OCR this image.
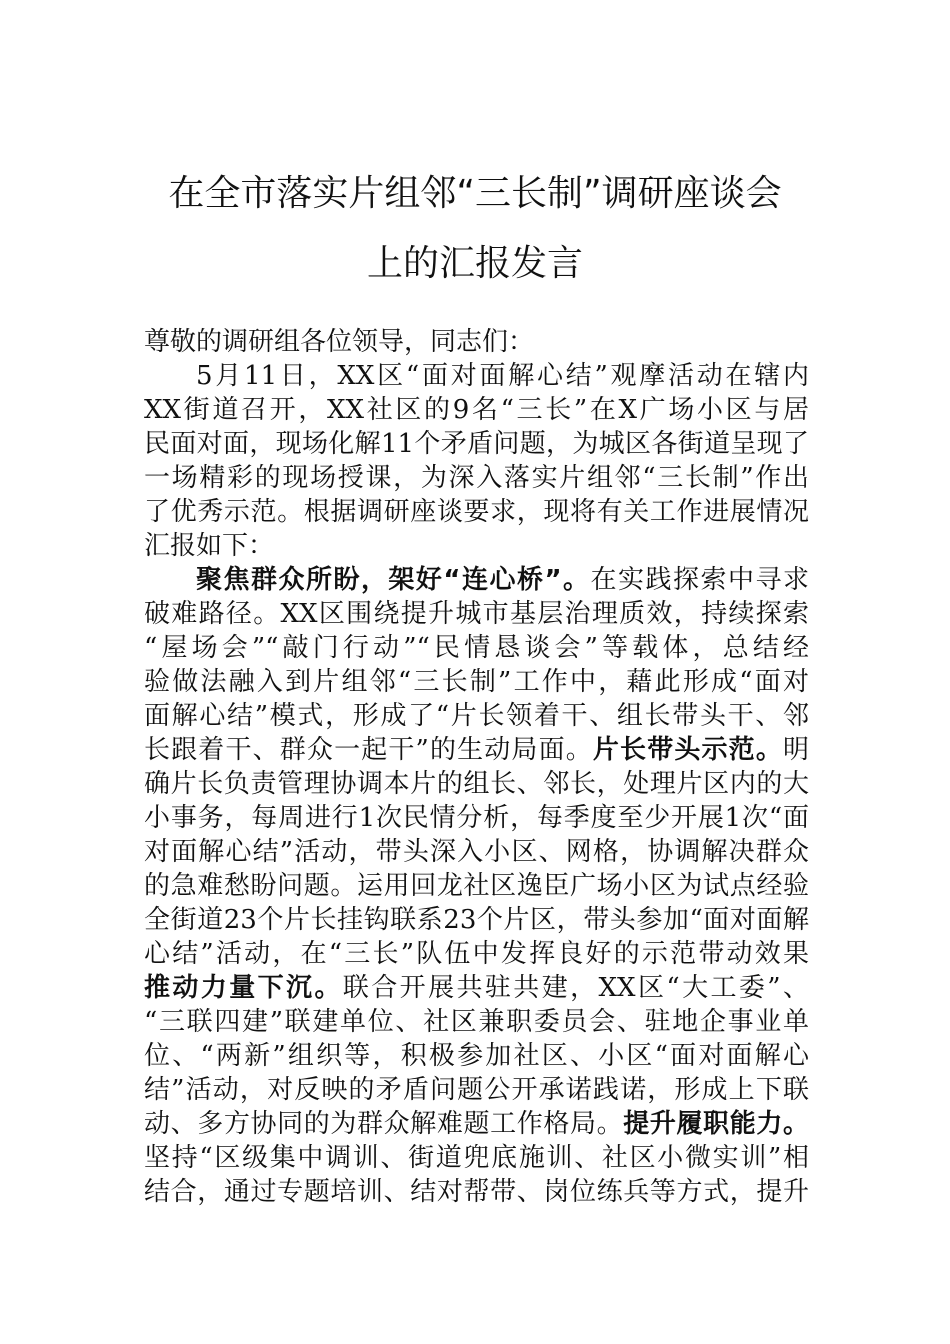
在全市落实片组邻“三长制”调研座谈会
上的汇报发言
尊敬的调研组各位领导，同志们：
5月11日，XX区“面对面解心结”观摩活动在辖内
XX街道召开，XX社区的9名“三长”在X广场小区与居
民面对面，现场化解11个矛盾问题，为城区各街道呈现了
一场精彩的现场授课，为深入落实片组邻“三长制”作出
了优秀示范。根据调研座谈要求，现将有关工作进展情况
汇报如下：
聚焦群众所盼，架好“连心桥”。在实践探索中寻求
破难路径。XX区围绕提升城市基层治理质效，持续探索
“屋场会”“敲门行动”“民情恳谈会”等载体，总结经
验做法融入到片组邻“三长制”工作中，藉此形成“面对
面解心结”模式，形成了“片长领着干、组长带头干、邻
长跟着干、群众一起干”的生动局面。片长带头示范。明
确片长负责管理协调本片的组长、邻长，处理片区内的大
小事务，每周进行1次民情分析，每季度至少开展1次“面
对面解心结”活动，带头深入小区、网格，协调解决群众
的急难愁盼问题。运用回龙社区逸臣广场小区为试点经验
全街道23个片长挂钩联系23个片区，带头参加“面对面解
心结”活动，在“三长”队伍中发挥良好的示范带动效果
推动力量下沉。联合开展共驻共建，XX区“大工委”、
“三联四建”联建单位、社区兼职委员会、驻地企事业单
位、“两新”组织等，积极参加社区、小区“面对面解心
结”活动，对反映的矛盾问题公开承诺践诺，形成上下联
动、多方协同的为群众解难题工作格局。提升履职能力。
坚持“区级集中调训、街道兜底施训、社区小微实训”相
结合，通过专题培训、结对帮带、岗位练兵等方式，提升
